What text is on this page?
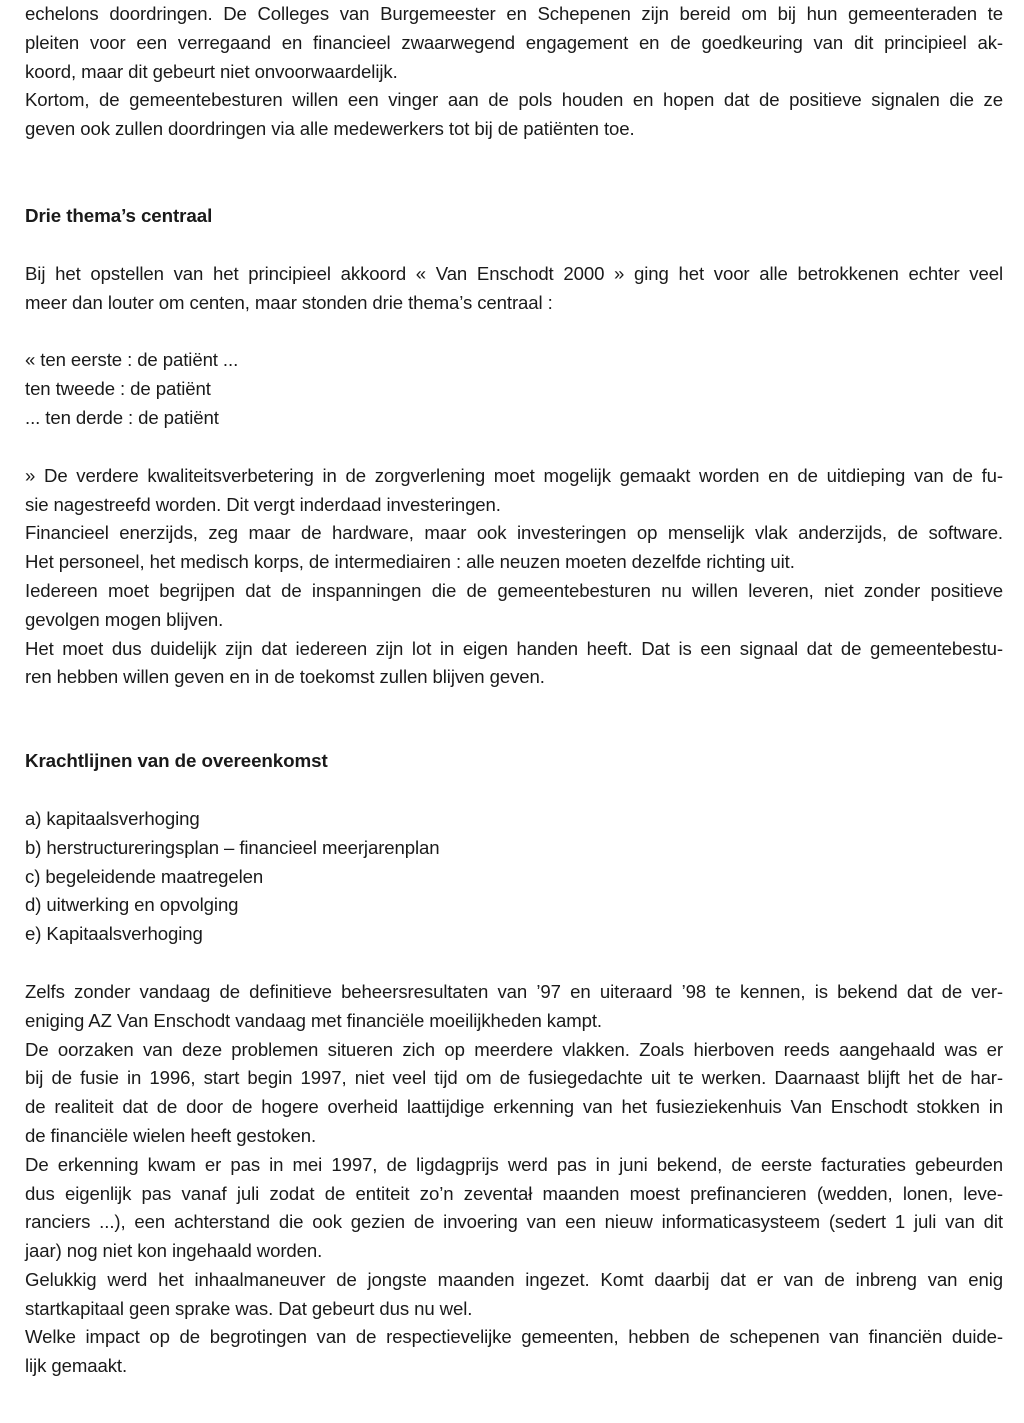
echelons doordringen. De Colleges van Burgemeester en Schepenen zijn bereid om bij hun gemeenteraden te
pleiten voor een verregaand en financieel zwaarwegend engagement en de goedkeuring van dit principieel ak-
koord, maar dit gebeurt niet onvoorwaardelijk.
Kortom, de gemeentebesturen willen een vinger aan de pols houden en hopen dat de positieve signalen die ze
geven ook zullen doordringen via alle medewerkers tot bij de patiënten toe.
Drie thema’s centraal
Bij het opstellen van het principieel akkoord « Van Enschodt 2000 » ging het voor alle betrokkenen echter veel
meer dan louter om centen, maar stonden drie thema’s centraal :
« ten eerste : de patiënt ...
ten tweede : de patiënt
... ten derde : de patiënt
» De verdere kwaliteitsverbetering in de zorgverlening moet mogelijk gemaakt worden en de uitdieping van de fu-
sie nagestreefd worden. Dit vergt inderdaad investeringen.
Financieel enerzijds, zeg maar de hardware, maar ook investeringen op menselijk vlak anderzijds, de software.
Het personeel, het medisch korps, de intermediairen : alle neuzen moeten dezelfde richting uit.
Iedereen moet begrijpen dat de inspanningen die de gemeentebesturen nu willen leveren, niet zonder positieve
gevolgen mogen blijven.
Het moet dus duidelijk zijn dat iedereen zijn lot in eigen handen heeft. Dat is een signaal dat de gemeentebestu-
ren hebben willen geven en in de toekomst zullen blijven geven.
Krachtlijnen van de overeenkomst
a) kapitaalsverhoging
b) herstructureringsplan – financieel meerjarenplan
c) begeleidende maatregelen
d) uitwerking en opvolging
e) Kapitaalsverhoging
Zelfs zonder vandaag de definitieve beheersresultaten van ’97 en uiteraard ’98 te kennen, is bekend dat de ver-
eniging AZ Van Enschodt vandaag met financiële moeilijkheden kampt.
De oorzaken van deze problemen situeren zich op meerdere vlakken. Zoals hierboven reeds aangehaald was er
bij de fusie in 1996, start begin 1997, niet veel tijd om de fusiegedachte uit te werken. Daarnaast blijft het de har-
de realiteit dat de door de hogere overheid laattijdige erkenning van het fusieziekenhuis Van Enschodt stokken in
de financiële wielen heeft gestoken.
De erkenning kwam er pas in mei 1997, de ligdagprijs werd pas in juni bekend, de eerste facturaties gebeurden
dus eigenlijk pas vanaf juli zodat de entiteit zo’n zeventał maanden moest prefinancieren (wedden, lonen, leve-
ranciers ...), een achterstand die ook gezien de invoering van een nieuw informaticasysteem (sedert 1 juli van dit
jaar) nog niet kon ingehaald worden.
Gelukkig werd het inhaalmaneuver de jongste maanden ingezet. Komt daarbij dat er van de inbreng van enig
startkapitaal geen sprake was. Dat gebeurt dus nu wel.
Welke impact op de begrotingen van de respectievelijke gemeenten, hebben de schepenen van financiën duide-
lijk gemaakt.
